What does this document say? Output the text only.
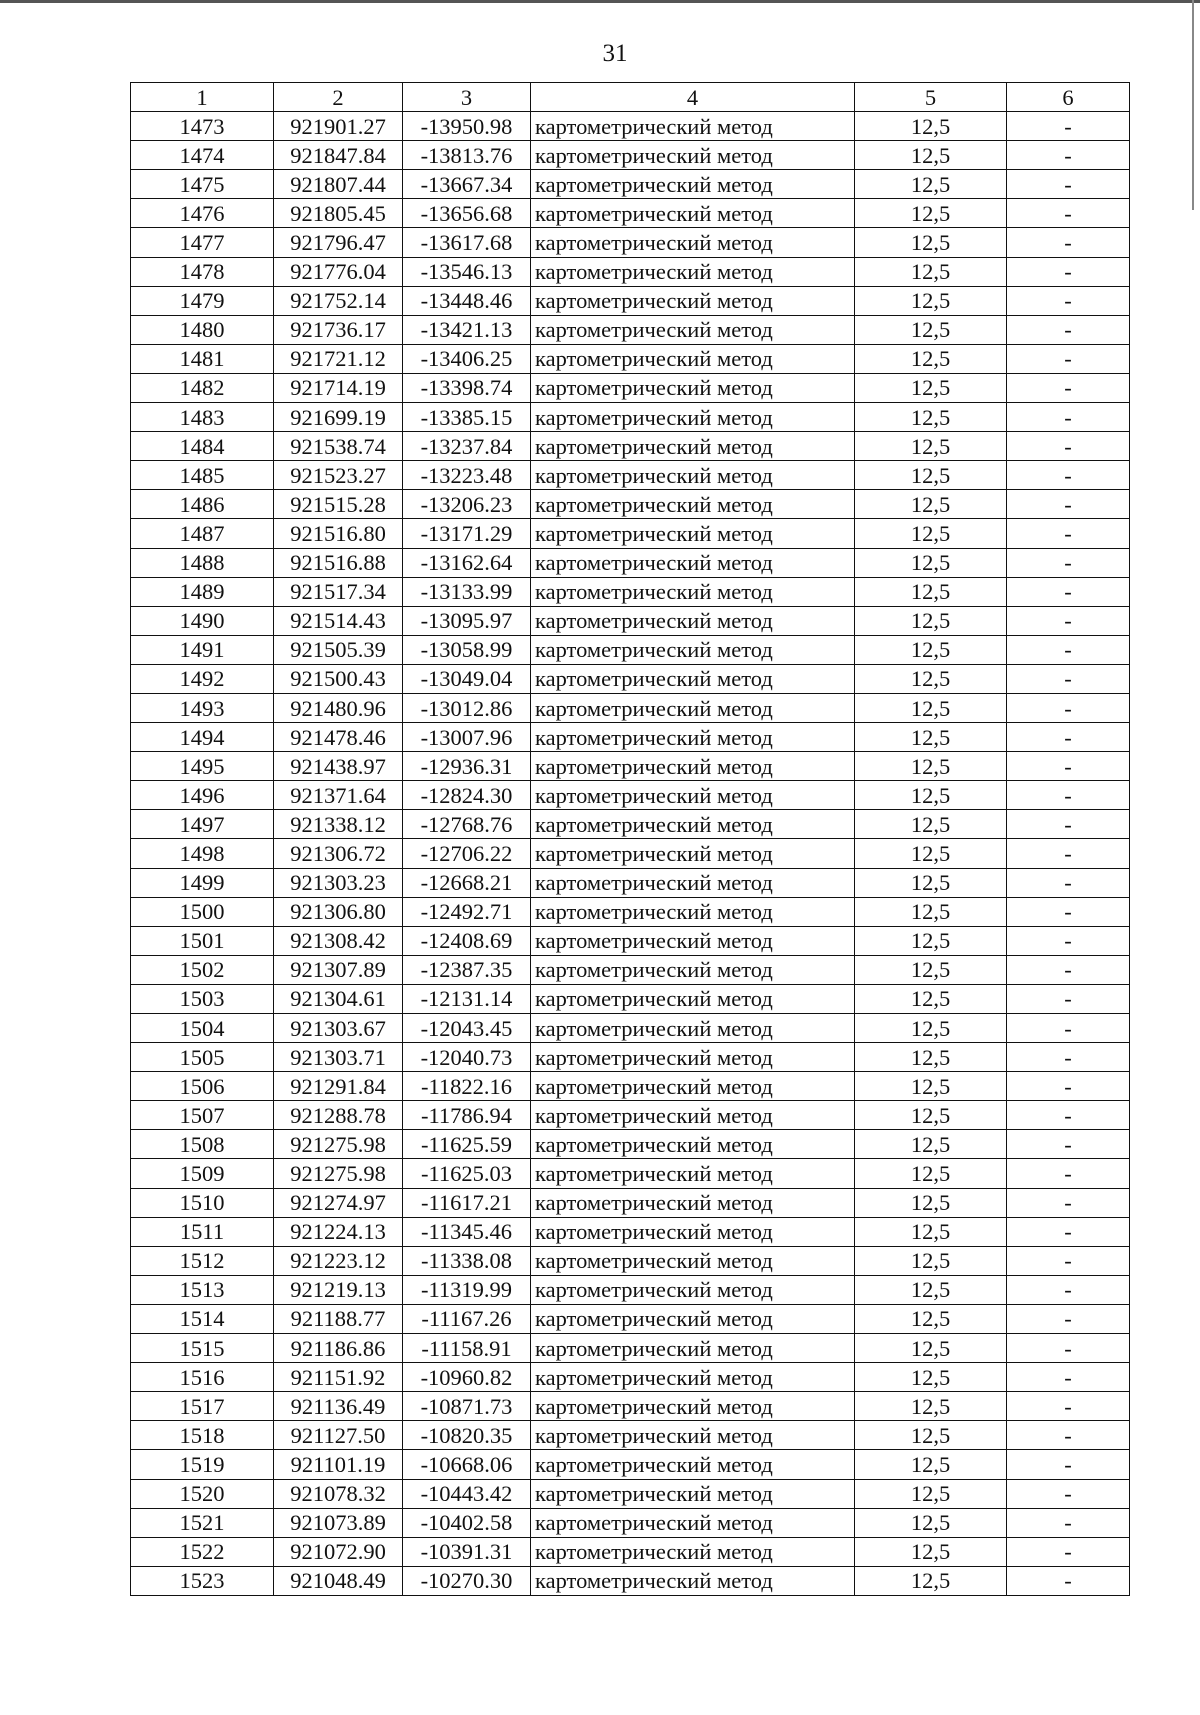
31
1	2	3	4	5	6
1473	921901.27	-13950.98	картометрический метод	12,5	-
1474	921847.84	-13813.76	картометрический метод	12,5	-
1475	921807.44	-13667.34	картометрический метод	12,5	-
1476	921805.45	-13656.68	картометрический метод	12,5	-
1477	921796.47	-13617.68	картометрический метод	12,5	-
1478	921776.04	-13546.13	картометрический метод	12,5	-
1479	921752.14	-13448.46	картометрический метод	12,5	-
1480	921736.17	-13421.13	картометрический метод	12,5	-
1481	921721.12	-13406.25	картометрический метод	12,5	-
1482	921714.19	-13398.74	картометрический метод	12,5	-
1483	921699.19	-13385.15	картометрический метод	12,5	-
1484	921538.74	-13237.84	картометрический метод	12,5	-
1485	921523.27	-13223.48	картометрический метод	12,5	-
1486	921515.28	-13206.23	картометрический метод	12,5	-
1487	921516.80	-13171.29	картометрический метод	12,5	-
1488	921516.88	-13162.64	картометрический метод	12,5	-
1489	921517.34	-13133.99	картометрический метод	12,5	-
1490	921514.43	-13095.97	картометрический метод	12,5	-
1491	921505.39	-13058.99	картометрический метод	12,5	-
1492	921500.43	-13049.04	картометрический метод	12,5	-
1493	921480.96	-13012.86	картометрический метод	12,5	-
1494	921478.46	-13007.96	картометрический метод	12,5	-
1495	921438.97	-12936.31	картометрический метод	12,5	-
1496	921371.64	-12824.30	картометрический метод	12,5	-
1497	921338.12	-12768.76	картометрический метод	12,5	-
1498	921306.72	-12706.22	картометрический метод	12,5	-
1499	921303.23	-12668.21	картометрический метод	12,5	-
1500	921306.80	-12492.71	картометрический метод	12,5	-
1501	921308.42	-12408.69	картометрический метод	12,5	-
1502	921307.89	-12387.35	картометрический метод	12,5	-
1503	921304.61	-12131.14	картометрический метод	12,5	-
1504	921303.67	-12043.45	картометрический метод	12,5	-
1505	921303.71	-12040.73	картометрический метод	12,5	-
1506	921291.84	-11822.16	картометрический метод	12,5	-
1507	921288.78	-11786.94	картометрический метод	12,5	-
1508	921275.98	-11625.59	картометрический метод	12,5	-
1509	921275.98	-11625.03	картометрический метод	12,5	-
1510	921274.97	-11617.21	картометрический метод	12,5	-
1511	921224.13	-11345.46	картометрический метод	12,5	-
1512	921223.12	-11338.08	картометрический метод	12,5	-
1513	921219.13	-11319.99	картометрический метод	12,5	-
1514	921188.77	-11167.26	картометрический метод	12,5	-
1515	921186.86	-11158.91	картометрический метод	12,5	-
1516	921151.92	-10960.82	картометрический метод	12,5	-
1517	921136.49	-10871.73	картометрический метод	12,5	-
1518	921127.50	-10820.35	картометрический метод	12,5	-
1519	921101.19	-10668.06	картометрический метод	12,5	-
1520	921078.32	-10443.42	картометрический метод	12,5	-
1521	921073.89	-10402.58	картометрический метод	12,5	-
1522	921072.90	-10391.31	картометрический метод	12,5	-
1523	921048.49	-10270.30	картометрический метод	12,5	-
